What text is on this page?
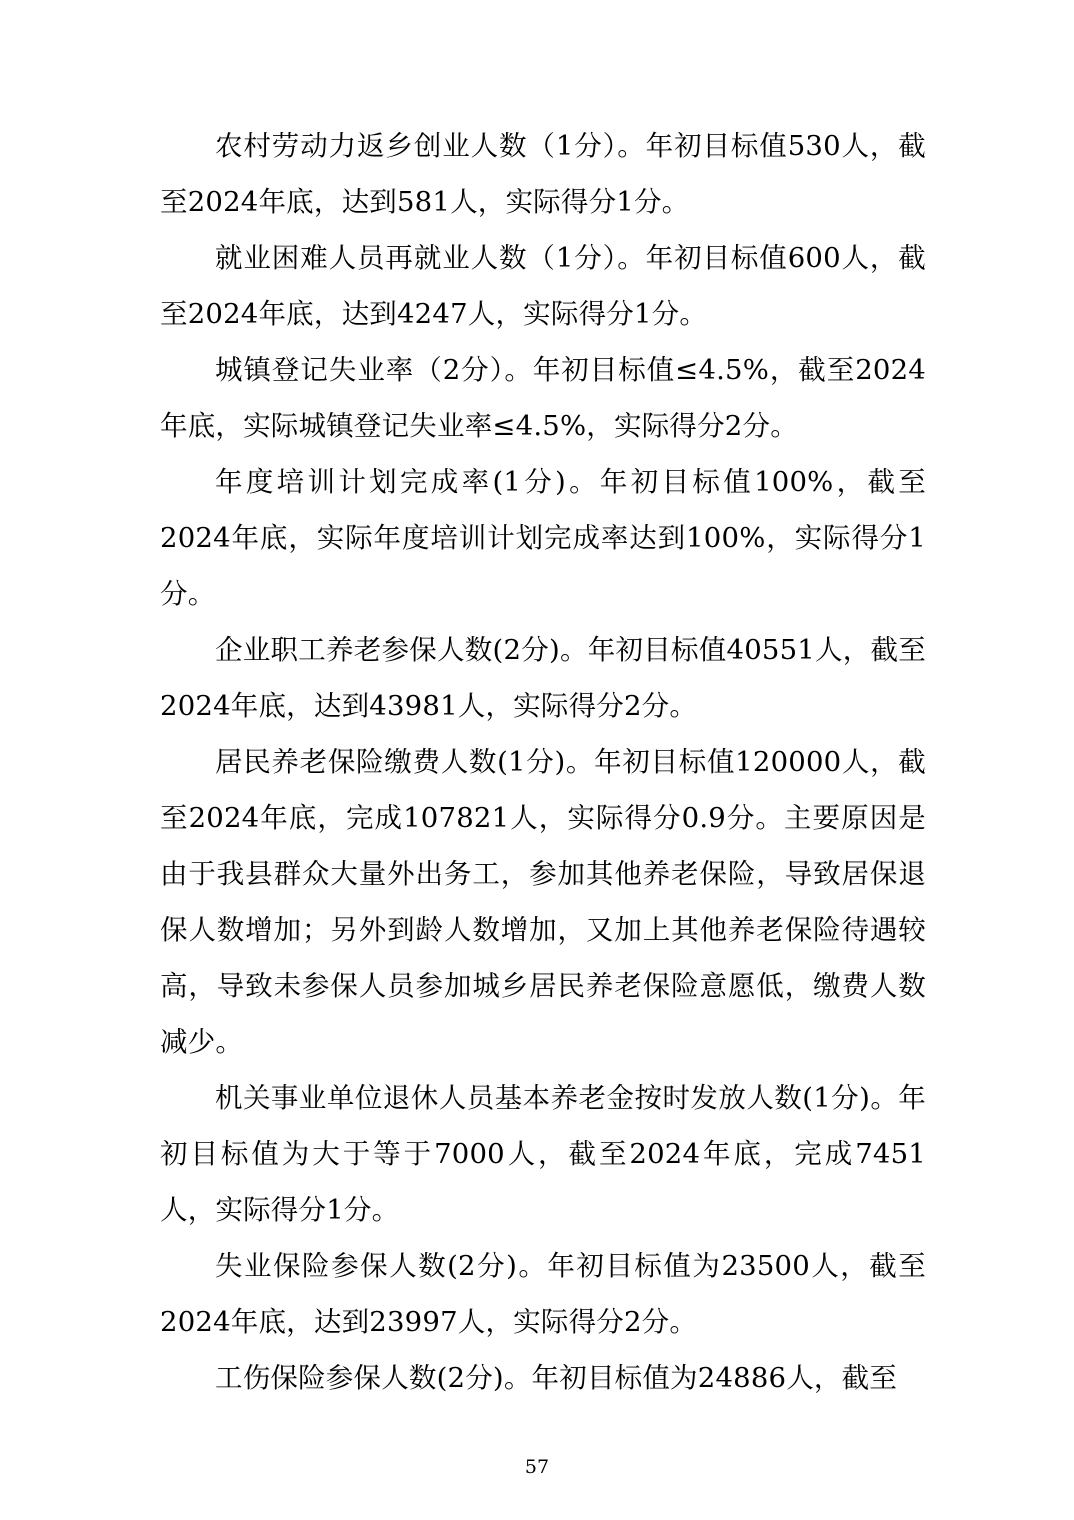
农村劳动力返乡创业人数（1分）。年初目标值530人，截至2024年底，达到581人，实际得分1分。

就业困难人员再就业人数（1分）。年初目标值600人，截至2024年底，达到4247人，实际得分1分。

城镇登记失业率（2分）。年初目标值≤4.5%，截至2024年底，实际城镇登记失业率≤4.5%，实际得分2分。

年度培训计划完成率(1分)。年初目标值100%，截至2024年底，实际年度培训计划完成率达到100%，实际得分1分。

企业职工养老参保人数(2分)。年初目标值40551人，截至2024年底，达到43981人，实际得分2分。

居民养老保险缴费人数(1分)。年初目标值120000人，截至2024年底，完成107821人，实际得分0.9分。主要原因是由于我县群众大量外出务工，参加其他养老保险，导致居保退保人数增加；另外到龄人数增加，又加上其他养老保险待遇较高，导致未参保人员参加城乡居民养老保险意愿低，缴费人数减少。

机关事业单位退休人员基本养老金按时发放人数(1分)。年初目标值为大于等于7000人，截至2024年底，完成7451人，实际得分1分。

失业保险参保人数(2分)。年初目标值为23500人，截至2024年底，达到23997人，实际得分2分。

工伤保险参保人数(2分)。年初目标值为24886人，截至

57
